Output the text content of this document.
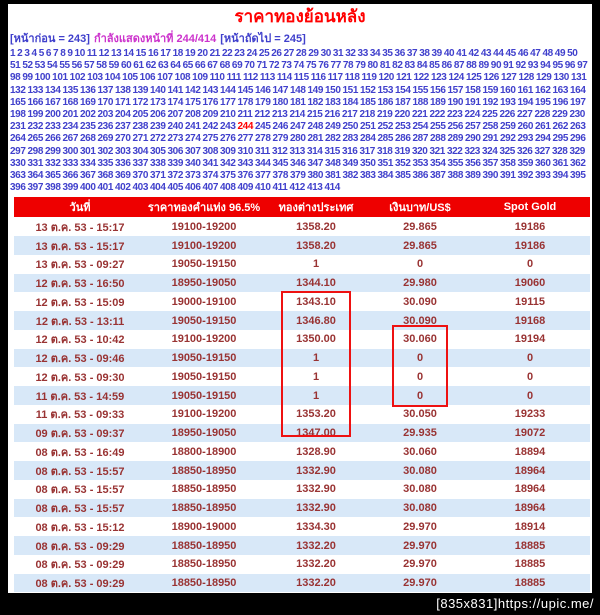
ราคาทองย้อนหลัง
[หน้าก่อน = 243] กำลังแสดงหน้าที่ 244/414 [หน้าถัดไป = 245]
1 2 3 4 5 6 7 8 9 10 11 12 13 14 15 16 17 18 19 20 21 22 23 24 25 26 27 28 29 30 31 32 33 34 35 36 37 38 39 40 41 42 43 44 45 46 47 48 49 50
51 52 53 54 55 56 57 58 59 60 61 62 63 64 65 66 67 68 69 70 71 72 73 74 75 76 77 78 79 80 81 82 83 84 85 86 87 88 89 90 91 92 93 94 95 96 97
98 99 100 101 102 103 104 105 106 107 108 109 110 111 112 113 114 115 116 117 118 119 120 121 122 123 124 125 126 127 128 129 130 131
132 133 134 135 136 137 138 139 140 141 142 143 144 145 146 147 148 149 150 151 152 153 154 155 156 157 158 159 160 161 162 163 164
165 166 167 168 169 170 171 172 173 174 175 176 177 178 179 180 181 182 183 184 185 186 187 188 189 190 191 192 193 194 195 196 197
198 199 200 201 202 203 204 205 206 207 208 209 210 211 212 213 214 215 216 217 218 219 220 221 222 223 224 225 226 227 228 229 230
231 232 233 234 235 236 237 238 239 240 241 242 243 244 245 246 247 248 249 250 251 252 253 254 255 256 257 258 259 260 261 262 263
264 265 266 267 268 269 270 271 272 273 274 275 276 277 278 279 280 281 282 283 284 285 286 287 288 289 290 291 292 293 294 295 296
297 298 299 300 301 302 303 304 305 306 307 308 309 310 311 312 313 314 315 316 317 318 319 320 321 322 323 324 325 326 327 328 329
330 331 332 333 334 335 336 337 338 339 340 341 342 343 344 345 346 347 348 349 350 351 352 353 354 355 356 357 358 359 360 361 362
363 364 365 366 367 368 369 370 371 372 373 374 375 376 377 378 379 380 381 382 383 384 385 386 387 388 389 390 391 392 393 394 395
396 397 398 399 400 401 402 403 404 405 406 407 408 409 410 411 412 413 414

วันที่	ราคาทองคำแท่ง 96.5%	ทองต่างประเทศ	เงินบาท/US$	Spot Gold
13 ต.ค. 53 - 15:17	19100-19200	1358.20	29.865	19186
13 ต.ค. 53 - 15:17	19100-19200	1358.20	29.865	19186
13 ต.ค. 53 - 09:27	19050-19150	1	0	0
12 ต.ค. 53 - 16:50	18950-19050	1344.10	29.980	19060
12 ต.ค. 53 - 15:09	19000-19100	1343.10	30.090	19115
12 ต.ค. 53 - 13:11	19050-19150	1346.80	30.090	19168
12 ต.ค. 53 - 10:42	19100-19200	1350.00	30.060	19194
12 ต.ค. 53 - 09:46	19050-19150	1	0	0
12 ต.ค. 53 - 09:30	19050-19150	1	0	0
11 ต.ค. 53 - 14:59	19050-19150	1	0	0
11 ต.ค. 53 - 09:33	19100-19200	1353.20	30.050	19233
09 ต.ค. 53 - 09:37	18950-19050	1347.00	29.935	19072
08 ต.ค. 53 - 16:49	18800-18900	1328.90	30.060	18894
08 ต.ค. 53 - 15:57	18850-18950	1332.90	30.080	18964
08 ต.ค. 53 - 15:57	18850-18950	1332.90	30.080	18964
08 ต.ค. 53 - 15:57	18850-18950	1332.90	30.080	18964
08 ต.ค. 53 - 15:12	18900-19000	1334.30	29.970	18914
08 ต.ค. 53 - 09:29	18850-18950	1332.20	29.970	18885
08 ต.ค. 53 - 09:29	18850-18950	1332.20	29.970	18885
08 ต.ค. 53 - 09:29	18850-18950	1332.20	29.970	18885
[835x831]https://upic.me/
